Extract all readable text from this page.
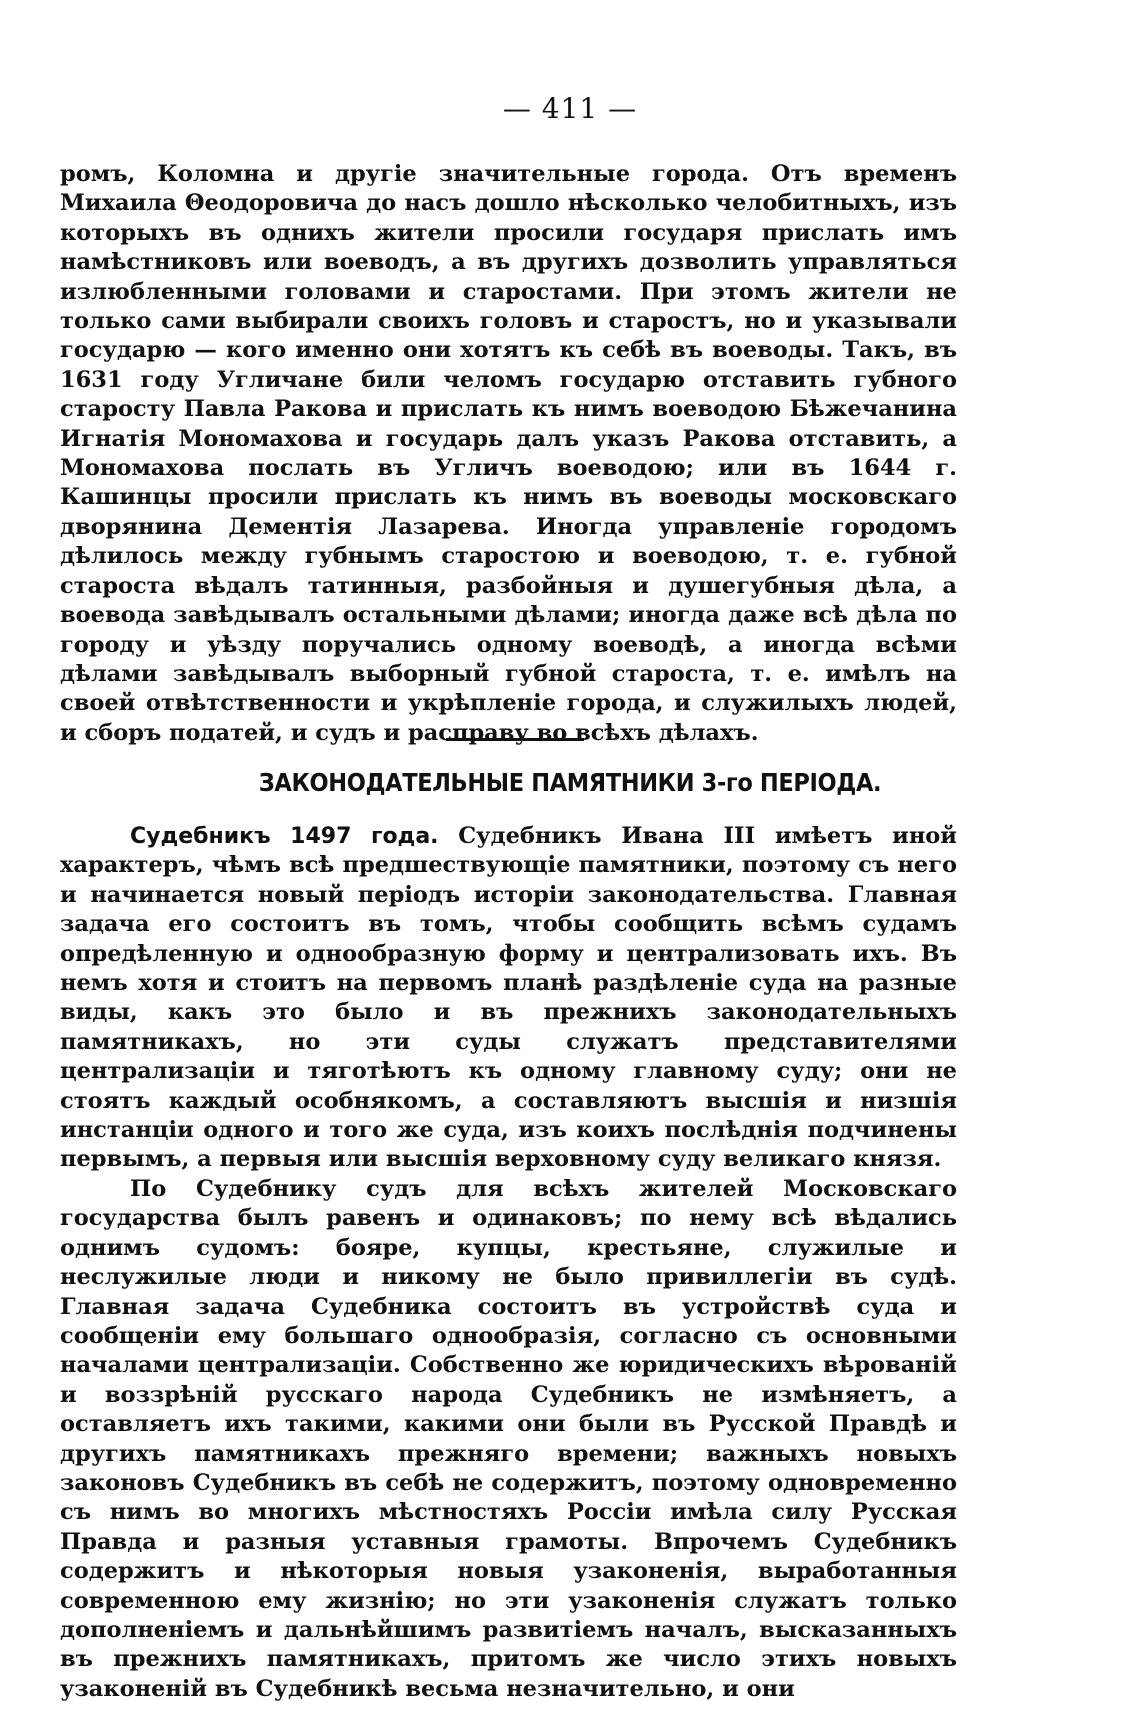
— 411 —

ромъ, Коломна и другіе значительные города. Отъ временъ Михаила Θеодоровича до насъ дошло нѣсколько челобитныхъ, изъ которыхъ въ однихъ жители просили государя прислать имъ намѣстниковъ или воеводъ, а въ другихъ дозволить управляться излюбленными головами и старостами. При этомъ жители не только сами выбирали своихъ головъ и старостъ, но и указывали государю — кого именно они хотятъ къ себѣ въ воеводы. Такъ, въ 1631 году Угличане били челомъ государю отставить губного старосту Павла Ракова и прислать къ нимъ воеводою Бѣжечанина Игнатія Мономахова и государь далъ указъ Ракова отставить, а Мономахова послать въ Угличъ воеводою; или въ 1644 г. Кашинцы просили прислать къ нимъ въ воеводы московскаго дворянина Дементія Лазарева. Иногда управленіе городомъ дѣлилось между губнымъ старостою и воеводою, т. е. губной староста вѣдалъ татинныя, разбойныя и душегубныя дѣла, а воевода завѣдывалъ остальными дѣлами; иногда даже всѣ дѣла по городу и уѣзду поручались одному воеводѣ, а иногда всѣми дѣлами завѣдывалъ выборный губной староста, т. е. имѣлъ на своей отвѣтственности и укрѣпленіе города, и служилыхъ людей, и сборъ податей, и судъ и расправу во всѣхъ дѣлахъ.

ЗАКОНОДАТЕЛЬНЫЕ ПАМЯТНИКИ 3-го ПЕРІОДА.

Судебникъ 1497 года. Судебникъ Ивана III имѣетъ иной характеръ, чѣмъ всѣ предшествующіе памятники, поэтому съ него и начинается новый періодъ исторіи законодательства. Главная задача его состоитъ въ томъ, чтобы сообщить всѣмъ судамъ опредѣленную и однообразную форму и централизовать ихъ. Въ немъ хотя и стоитъ на первомъ планѣ раздѣленіе суда на разные виды, какъ это было и въ прежнихъ законодательныхъ памятникахъ, но эти суды служатъ представителями централизаціи и тяготѣютъ къ одному главному суду; они не стоятъ каждый особнякомъ, а составляютъ высшія и низшія инстанціи одного и того же суда, изъ коихъ послѣднія подчинены первымъ, а первыя или высшія верховному суду великаго князя.

По Судебнику судъ для всѣхъ жителей Московскаго государства былъ равенъ и одинаковъ; по нему всѣ вѣдались однимъ судомъ: бояре, купцы, крестьяне, служилые и неслужилые люди и никому не было привиллегіи въ судѣ. Главная задача Судебника состоитъ въ устройствѣ суда и сообщеніи ему большаго однообразія, согласно съ основными началами централизаціи. Собственно же юридическихъ вѣрованій и воззрѣній русскаго народа Судебникъ не измѣняетъ, а оставляетъ ихъ такими, какими они были въ Русской Правдѣ и другихъ памятникахъ прежняго времени; важныхъ новыхъ законовъ Судебникъ въ себѣ не содержитъ, поэтому одновременно съ нимъ во многихъ мѣстностяхъ Россіи имѣла силу Русская Правда и разныя уставныя грамоты. Впрочемъ Судебникъ содержитъ и нѣкоторыя новыя узаконенія, выработанныя современною ему жизнію; но эти узаконенія служатъ только дополненіемъ и дальнѣйшимъ развитіемъ началъ, высказанныхъ въ прежнихъ памятникахъ, притомъ же число этихъ новыхъ узаконеній въ Судебникѣ весьма незначительно, и они
